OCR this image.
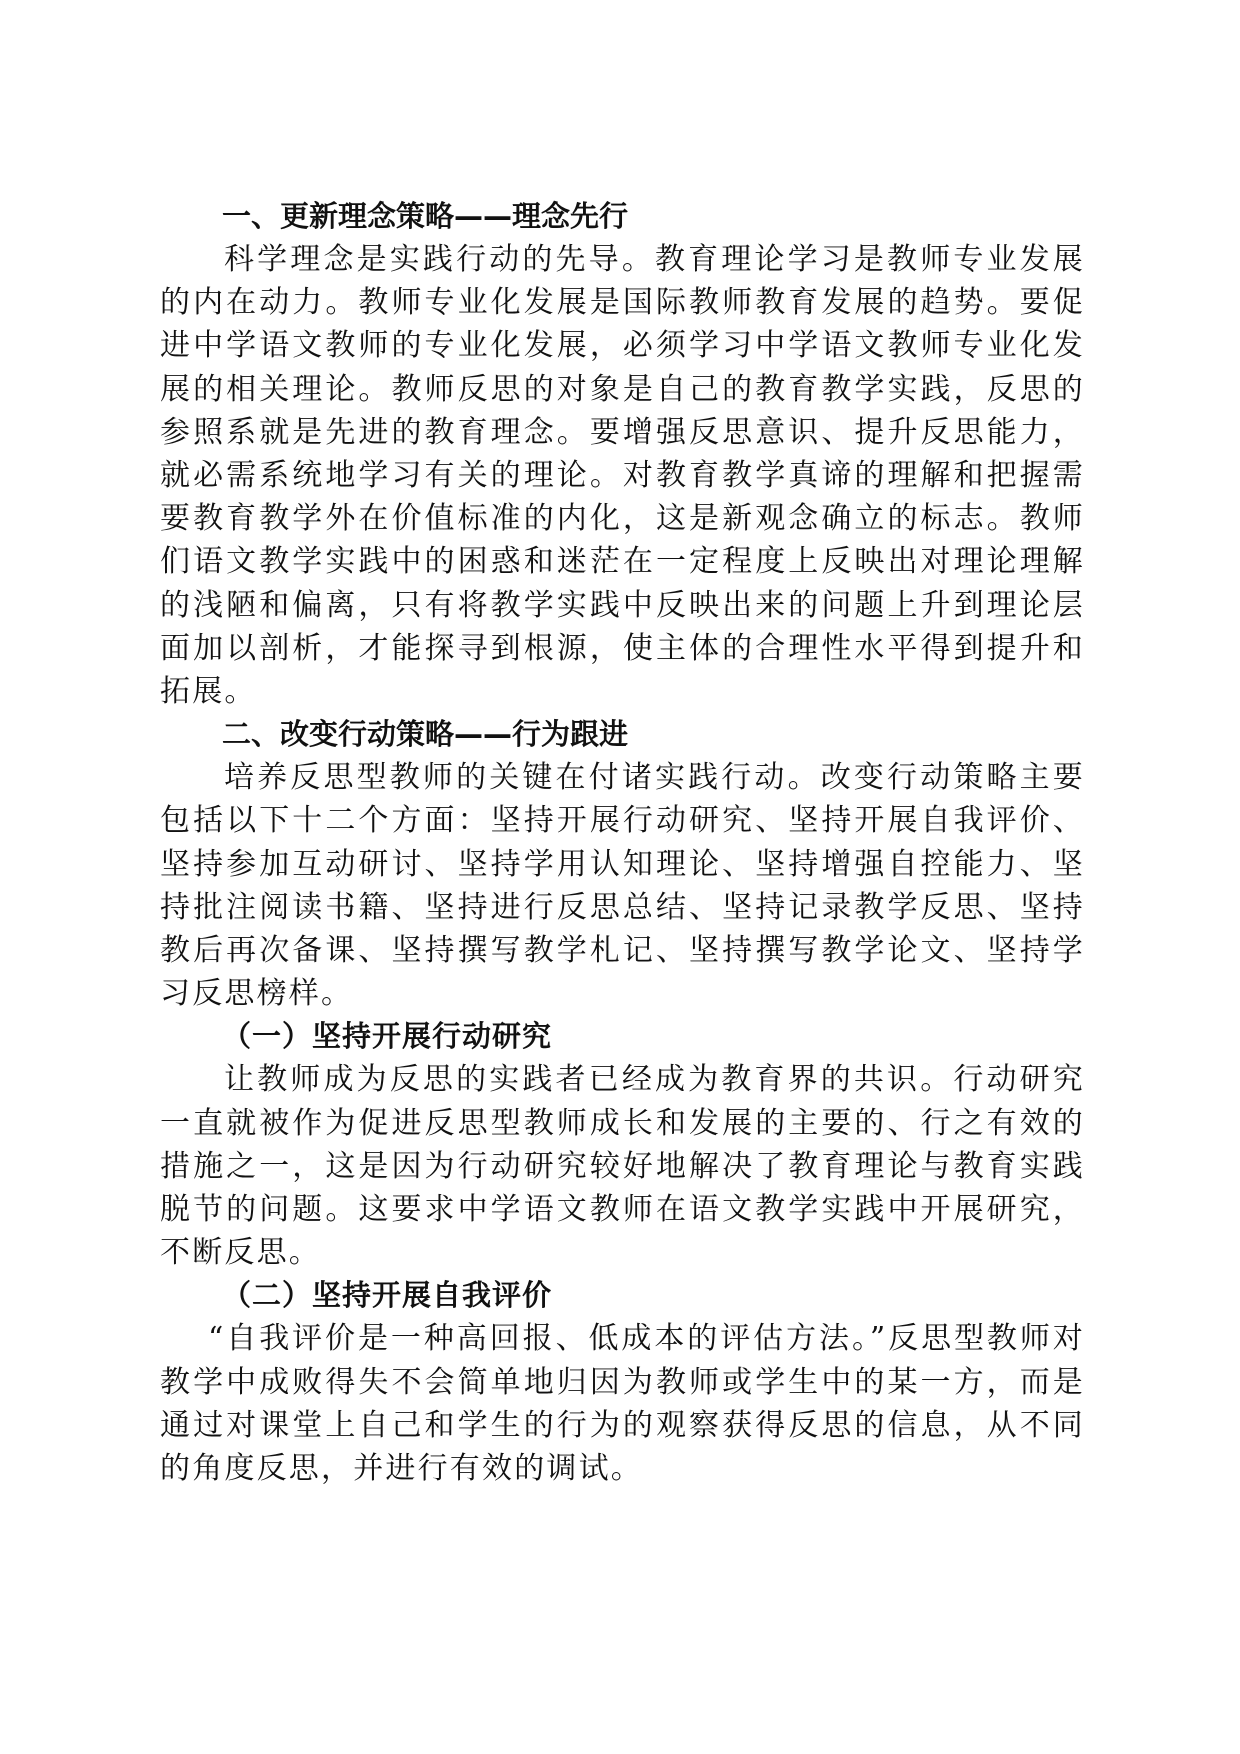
一、更新理念策略——理念先行

科学理念是实践行动的先导。教育理论学习是教师专业发展的内在动力。教师专业化发展是国际教师教育发展的趋势。要促进中学语文教师的专业化发展，必须学习中学语文教师专业化发展的相关理论。教师反思的对象是自己的教育教学实践，反思的参照系就是先进的教育理念。要增强反思意识、提升反思能力，就必需系统地学习有关的理论。对教育教学真谛的理解和把握需要教育教学外在价值标准的内化，这是新观念确立的标志。教师们语文教学实践中的困惑和迷茫在一定程度上反映出对理论理解的浅陋和偏离，只有将教学实践中反映出来的问题上升到理论层面加以剖析，才能探寻到根源，使主体的合理性水平得到提升和拓展。

二、改变行动策略——行为跟进

培养反思型教师的关键在付诸实践行动。改变行动策略主要包括以下十二个方面：坚持开展行动研究、坚持开展自我评价、坚持参加互动研讨、坚持学用认知理论、坚持增强自控能力、坚持批注阅读书籍、坚持进行反思总结、坚持记录教学反思、坚持教后再次备课、坚持撰写教学札记、坚持撰写教学论文、坚持学习反思榜样。

（一）坚持开展行动研究

让教师成为反思的实践者已经成为教育界的共识。行动研究一直就被作为促进反思型教师成长和发展的主要的、行之有效的措施之一，这是因为行动研究较好地解决了教育理论与教育实践脱节的问题。这要求中学语文教师在语文教学实践中开展研究，不断反思。

（二）坚持开展自我评价

“自我评价是一种高回报、低成本的评估方法。”反思型教师对教学中成败得失不会简单地归因为教师或学生中的某一方，而是通过对课堂上自己和学生的行为的观察获得反思的信息，从不同的角度反思，并进行有效的调试。
